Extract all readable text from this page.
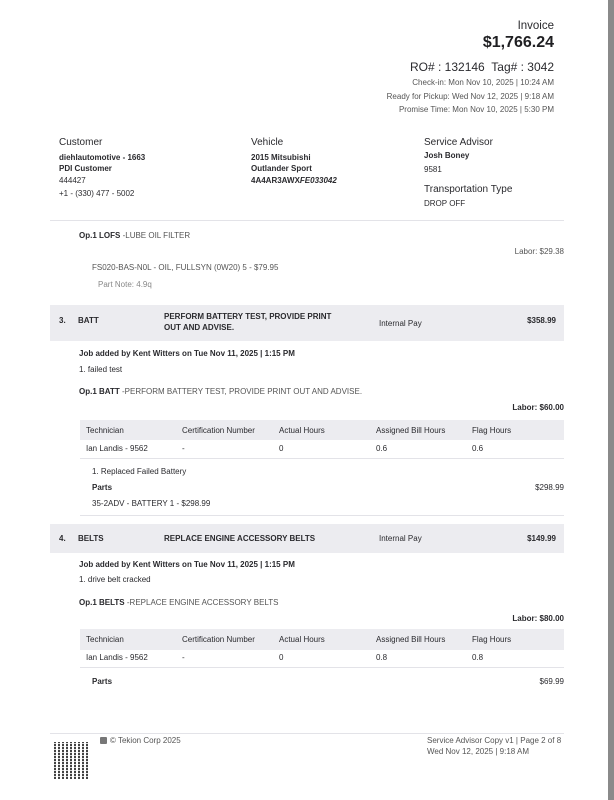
Invoice
$1,766.24
RO# : 132146 Tag# : 3042
Check-in: Mon Nov 10, 2025 | 10:24 AM
Ready for Pickup: Wed Nov 12, 2025 | 9:18 AM
Promise Time: Mon Nov 10, 2025 | 5:30 PM
Customer
diehlautomotive - 1663
PDI Customer
444427
+1 - (330) 477 - 5002
Vehicle
2015 Mitsubishi
Outlander Sport
4A4AR3AWXFE033042
Service Advisor
Josh Boney
9581
Transportation Type
DROP OFF
Op.1 LOFS -LUBE OIL FILTER
Labor: $29.38
FS020-BAS-N0L - OIL, FULLSYN (0W20) 5 - $79.95
Part Note: 4.9q
3. BATT	PERFORM BATTERY TEST, PROVIDE PRINT
OUT AND ADVISE.	Internal Pay	$358.99
Job added by Kent Witters on Tue Nov 11, 2025 | 1:15 PM
1. failed test
Op.1 BATT -PERFORM BATTERY TEST, PROVIDE PRINT OUT AND ADVISE.
Labor: $60.00
Technician	Certification Number	Actual Hours	Assigned Bill Hours	Flag Hours
Ian Landis - 9562	-	0	0.6	0.6
1. Replaced Failed Battery
Parts	$298.99
35-2ADV - BATTERY 1 - $298.99
4. BELTS	REPLACE ENGINE ACCESSORY BELTS	Internal Pay	$149.99
Job added by Kent Witters on Tue Nov 11, 2025 | 1:15 PM
1. drive belt cracked
Op.1 BELTS -REPLACE ENGINE ACCESSORY BELTS
Labor: $80.00
Technician	Certification Number	Actual Hours	Assigned Bill Hours	Flag Hours
Ian Landis - 9562	-	0	0.8	0.8
Parts	$69.99
© Tekion Corp 2025	Service Advisor Copy v1 | Page 2 of 8
Wed Nov 12, 2025 | 9:18 AM
